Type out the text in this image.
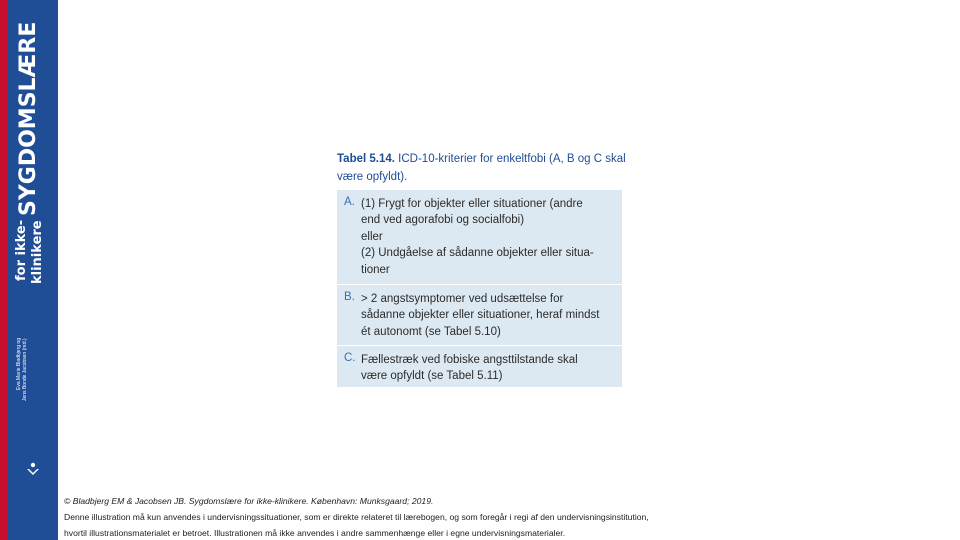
SYGDOMSLÆRE
for ikke-klinikere
Eva Marie Bladbjerg og Jens Bonde Jacobsen (red.)
Tabel 5.14. ICD-10-kriterier for enkeltfobi (A, B og C skal være opfyldt).
A. (1) Frygt for objekter eller situationer (andre
end ved agorafobi og socialfobi)
eller
(2) Undgåelse af sådanne objekter eller situa-
tioner
B. > 2 angstsymptomer ved udsættelse for
sådanne objekter eller situationer, heraf mindst
ét autonomt (se Tabel 5.10)
C. Fællestræk ved fobiske angsttilstande skal
være opfyldt (se Tabel 5.11)
© Bladbjerg EM & Jacobsen JB. Sygdomslære for ikke-klinikere. København: Munksgaard; 2019.
Denne illustration må kun anvendes i undervisningssituationer, som er direkte relateret til lærebogen, og som foregår i regi af den undervisningsinstitution,
hvortil illustrationsmaterialet er betroet. Illustrationen må ikke anvendes i andre sammenhænge eller i egne undervisningsmaterialer.
